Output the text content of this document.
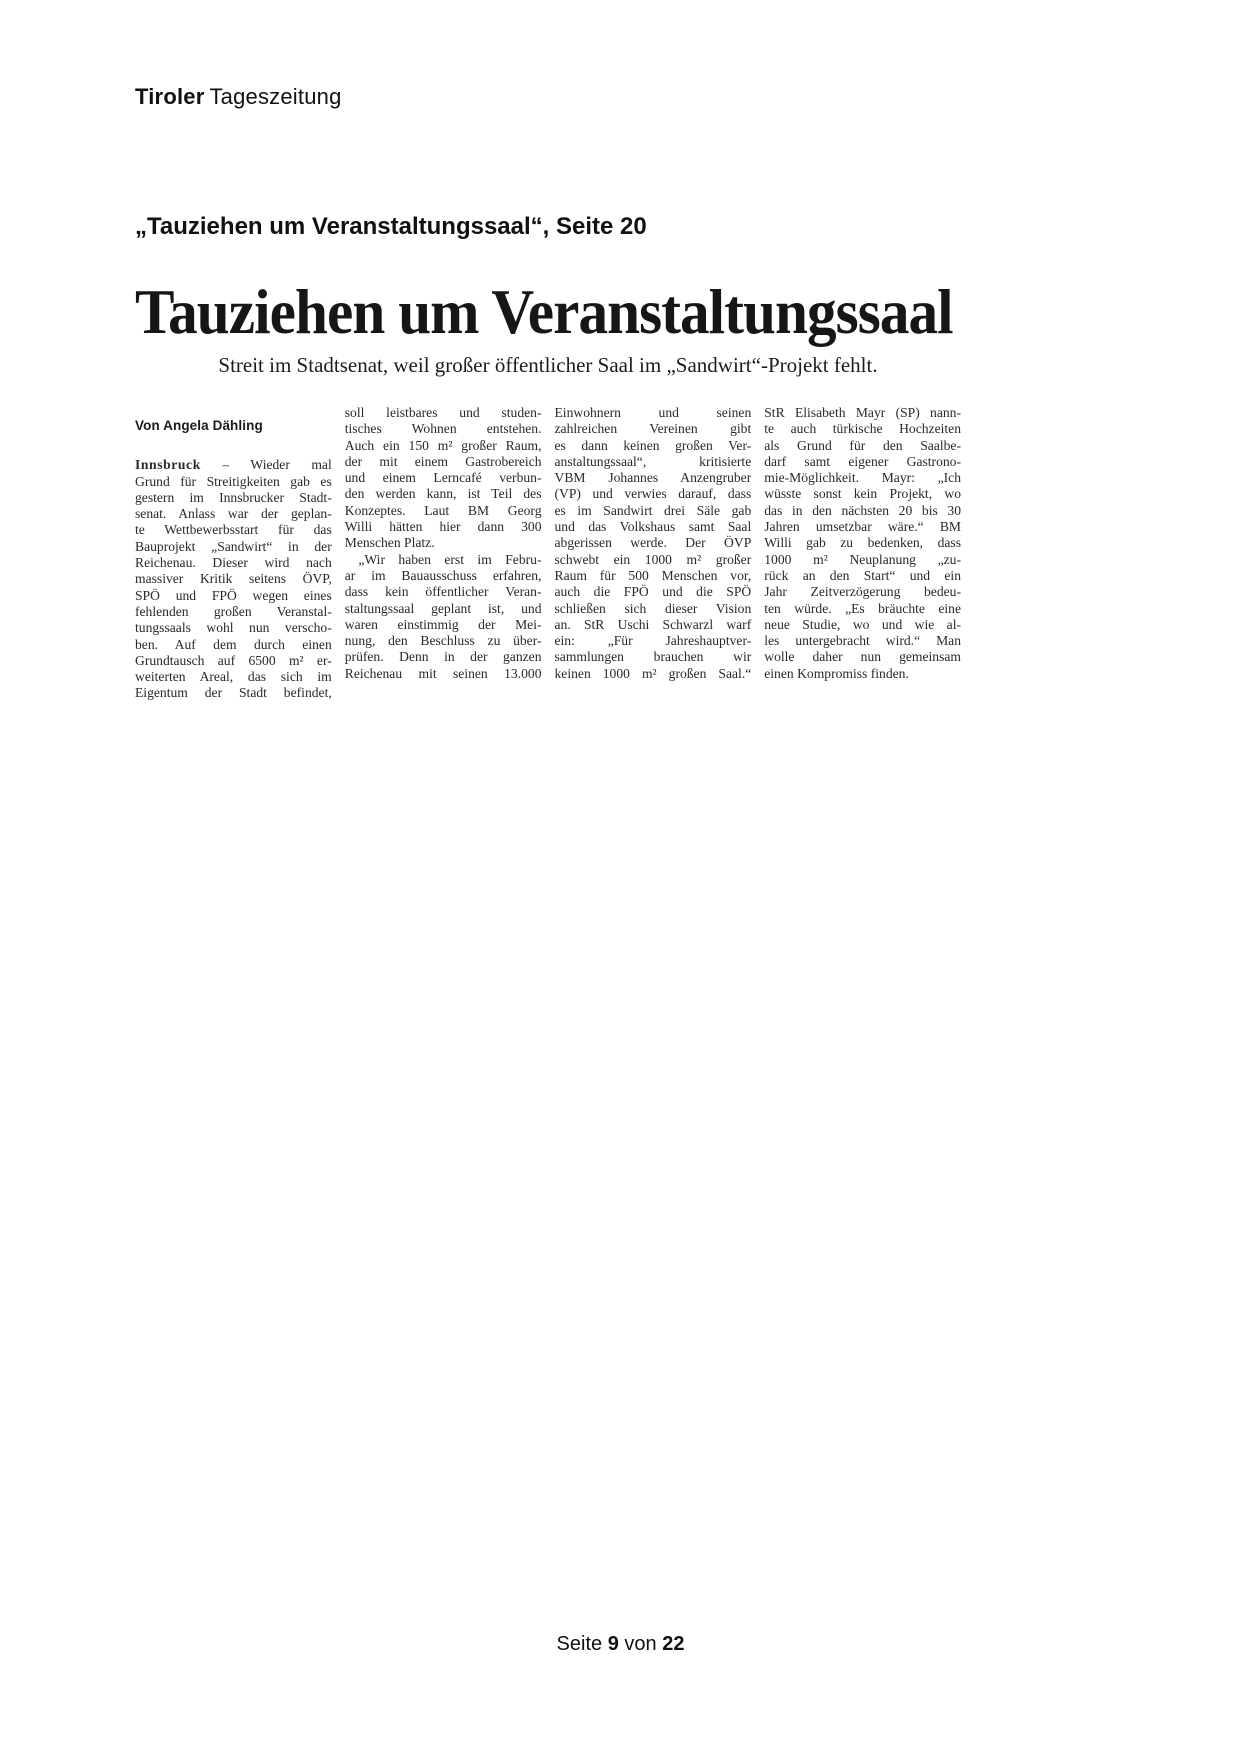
Tiroler Tageszeitung
„Tauziehen um Veranstaltungssaal“, Seite 20
Tauziehen um Veranstaltungssaal
Streit im Stadtsenat, weil großer öffentlicher Saal im „Sandwirt“-Projekt fehlt.
Von Angela Dähling
Innsbruck – Wieder mal
Grund für Streitigkeiten gab es
gestern im Innsbrucker Stadt-
senat. Anlass war der geplan-
te Wettbewerbsstart für das
Bauprojekt „Sandwirt“ in der
Reichenau. Dieser wird nach
massiver Kritik seitens ÖVP,
SPÖ und FPÖ wegen eines
fehlenden großen Veranstal-
tungssaals wohl nun verscho-
ben. Auf dem durch einen
Grundtausch auf 6500 m² er-
weiterten Areal, das sich im
Eigentum der Stadt befindet,
soll leistbares und studen-
tisches Wohnen entstehen.
Auch ein 150 m² großer Raum,
der mit einem Gastrobereich
und einem Lerncafé verbun-
den werden kann, ist Teil des
Konzeptes. Laut BM Georg
Willi hätten hier dann 300
Menschen Platz.
 „Wir haben erst im Febru-
ar im Bauausschuss erfahren,
dass kein öffentlicher Veran-
staltungssaal geplant ist, und
waren einstimmig der Mei-
nung, den Beschluss zu über-
prüfen. Denn in der ganzen
Reichenau mit seinen 13.000
Einwohnern und seinen
zahlreichen Vereinen gibt
es dann keinen großen Ver-
anstaltungssaal“, kritisierte
VBM Johannes Anzengruber
(VP) und verwies darauf, dass
es im Sandwirt drei Säle gab
und das Volkshaus samt Saal
abgerissen werde. Der ÖVP
schwebt ein 1000 m² großer
Raum für 500 Menschen vor,
auch die FPÖ und die SPÖ
schließen sich dieser Vision
an. StR Uschi Schwarzl warf
ein: „Für Jahreshauptver-
sammlungen brauchen wir
keinen 1000 m² großen Saal.“
StR Elisabeth Mayr (SP) nann-
te auch türkische Hochzeiten
als Grund für den Saalbe-
darf samt eigener Gastrono-
mie-Möglichkeit. Mayr: „Ich
wüsste sonst kein Projekt, wo
das in den nächsten 20 bis 30
Jahren umsetzbar wäre.“ BM
Willi gab zu bedenken, dass
1000 m² Neuplanung „zu-
rück an den Start“ und ein
Jahr Zeitverzögerung bedeu-
ten würde. „Es bräuchte eine
neue Studie, wo und wie al-
les untergebracht wird.“ Man
wolle daher nun gemeinsam
einen Kompromiss finden.
Seite 9 von 22
